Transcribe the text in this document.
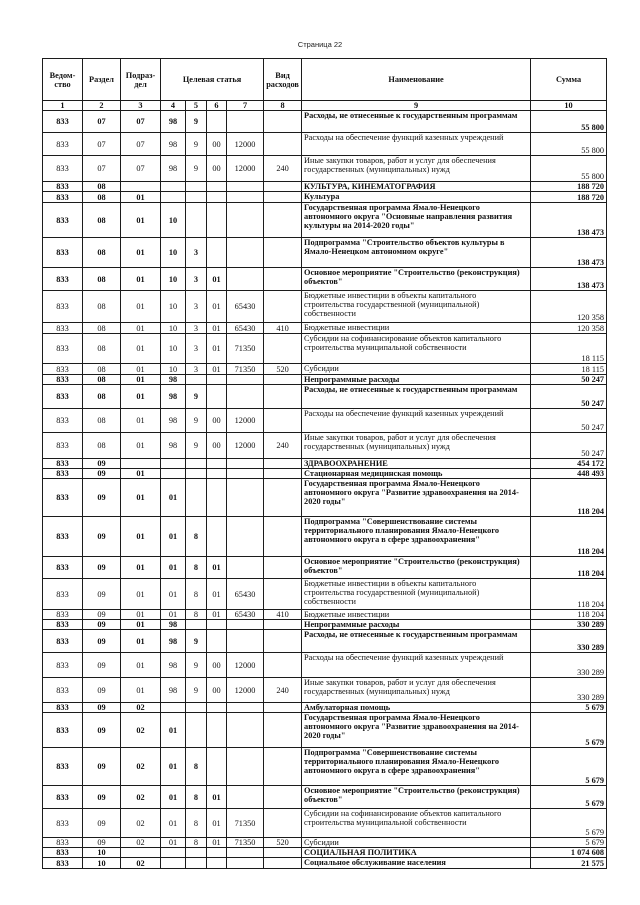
Страница 22
Ведом-
ство	Раздел	Подраз-
дел	Целевая статья				Вид
расходов	Наименование	Сумма
1	2	3	4	5	6	7	8	9	10
833	07	07	98	9				Расходы, не отнесенные к государственным программам	55 800
833	07	07	98	9	00	12000		Расходы на обеспечение функций казенных учреждений	55 800
833	07	07	98	9	00	12000	240	Иные закупки товаров, работ и услуг для обеспечения государственных (муниципальных) нужд	55 800
833	08							КУЛЬТУРА, КИНЕМАТОГРАФИЯ	188 720
833	08	01						Культура	188 720
833	08	01	10					Государственная программа Ямало-Ненецкого автономного округа "Основные направления развития культуры на 2014-2020 годы"	138 473
833	08	01	10	3				Подпрограмма "Строительство объектов культуры в Ямало-Ненецком автономном округе"	138 473
833	08	01	10	3	01			Основное мероприятие "Строительство (реконструкция) объектов"	138 473
833	08	01	10	3	01	65430		Бюджетные инвестиции в объекты капитального строительства государственной (муниципальной) собственности	120 358
833	08	01	10	3	01	65430	410	Бюджетные инвестиции	120 358
833	08	01	10	3	01	71350		Субсидии на софинансирование объектов капитального строительства муниципальной собственности	18 115
833	08	01	10	3	01	71350	520	Субсидии	18 115
833	08	01	98					Непрограммные расходы	50 247
833	08	01	98	9				Расходы, не отнесенные к государственным программам	50 247
833	08	01	98	9	00	12000		Расходы на обеспечение функций казенных учреждений	50 247
833	08	01	98	9	00	12000	240	Иные закупки товаров, работ и услуг для обеспечения государственных (муниципальных) нужд	50 247
833	09							ЗДРАВООХРАНЕНИЕ	454 172
833	09	01						Стационарная медицинская помощь	448 493
833	09	01	01					Государственная программа Ямало-Ненецкого автономного округа "Развитие здравоохранения на 2014-2020 годы"	118 204
833	09	01	01	8				Подпрограмма "Совершенствование системы территориального планирования Ямало-Ненецкого автономного округа в сфере здравоохранения"	118 204
833	09	01	01	8	01			Основное мероприятие "Строительство (реконструкция) объектов"	118 204
833	09	01	01	8	01	65430		Бюджетные инвестиции в объекты капитального строительства государственной (муниципальной) собственности	118 204
833	09	01	01	8	01	65430	410	Бюджетные инвестиции	118 204
833	09	01	98					Непрограммные расходы	330 289
833	09	01	98	9				Расходы, не отнесенные к государственным программам	330 289
833	09	01	98	9	00	12000		Расходы на обеспечение функций казенных учреждений	330 289
833	09	01	98	9	00	12000	240	Иные закупки товаров, работ и услуг для обеспечения государственных (муниципальных) нужд	330 289
833	09	02						Амбулаторная помощь	5 679
833	09	02	01					Государственная программа Ямало-Ненецкого автономного округа "Развитие здравоохранения на 2014-2020 годы"	5 679
833	09	02	01	8				Подпрограмма "Совершенствование системы территориального планирования Ямало-Ненецкого автономного округа в сфере здравоохранения"	5 679
833	09	02	01	8	01			Основное мероприятие "Строительство (реконструкция) объектов"	5 679
833	09	02	01	8	01	71350		Субсидии на софинансирование объектов капитального строительства муниципальной собственности	5 679
833	09	02	01	8	01	71350	520	Субсидии	5 679
833	10							СОЦИАЛЬНАЯ ПОЛИТИКА	1 074 608
833	10	02						Социальное обслуживание населения	21 575
